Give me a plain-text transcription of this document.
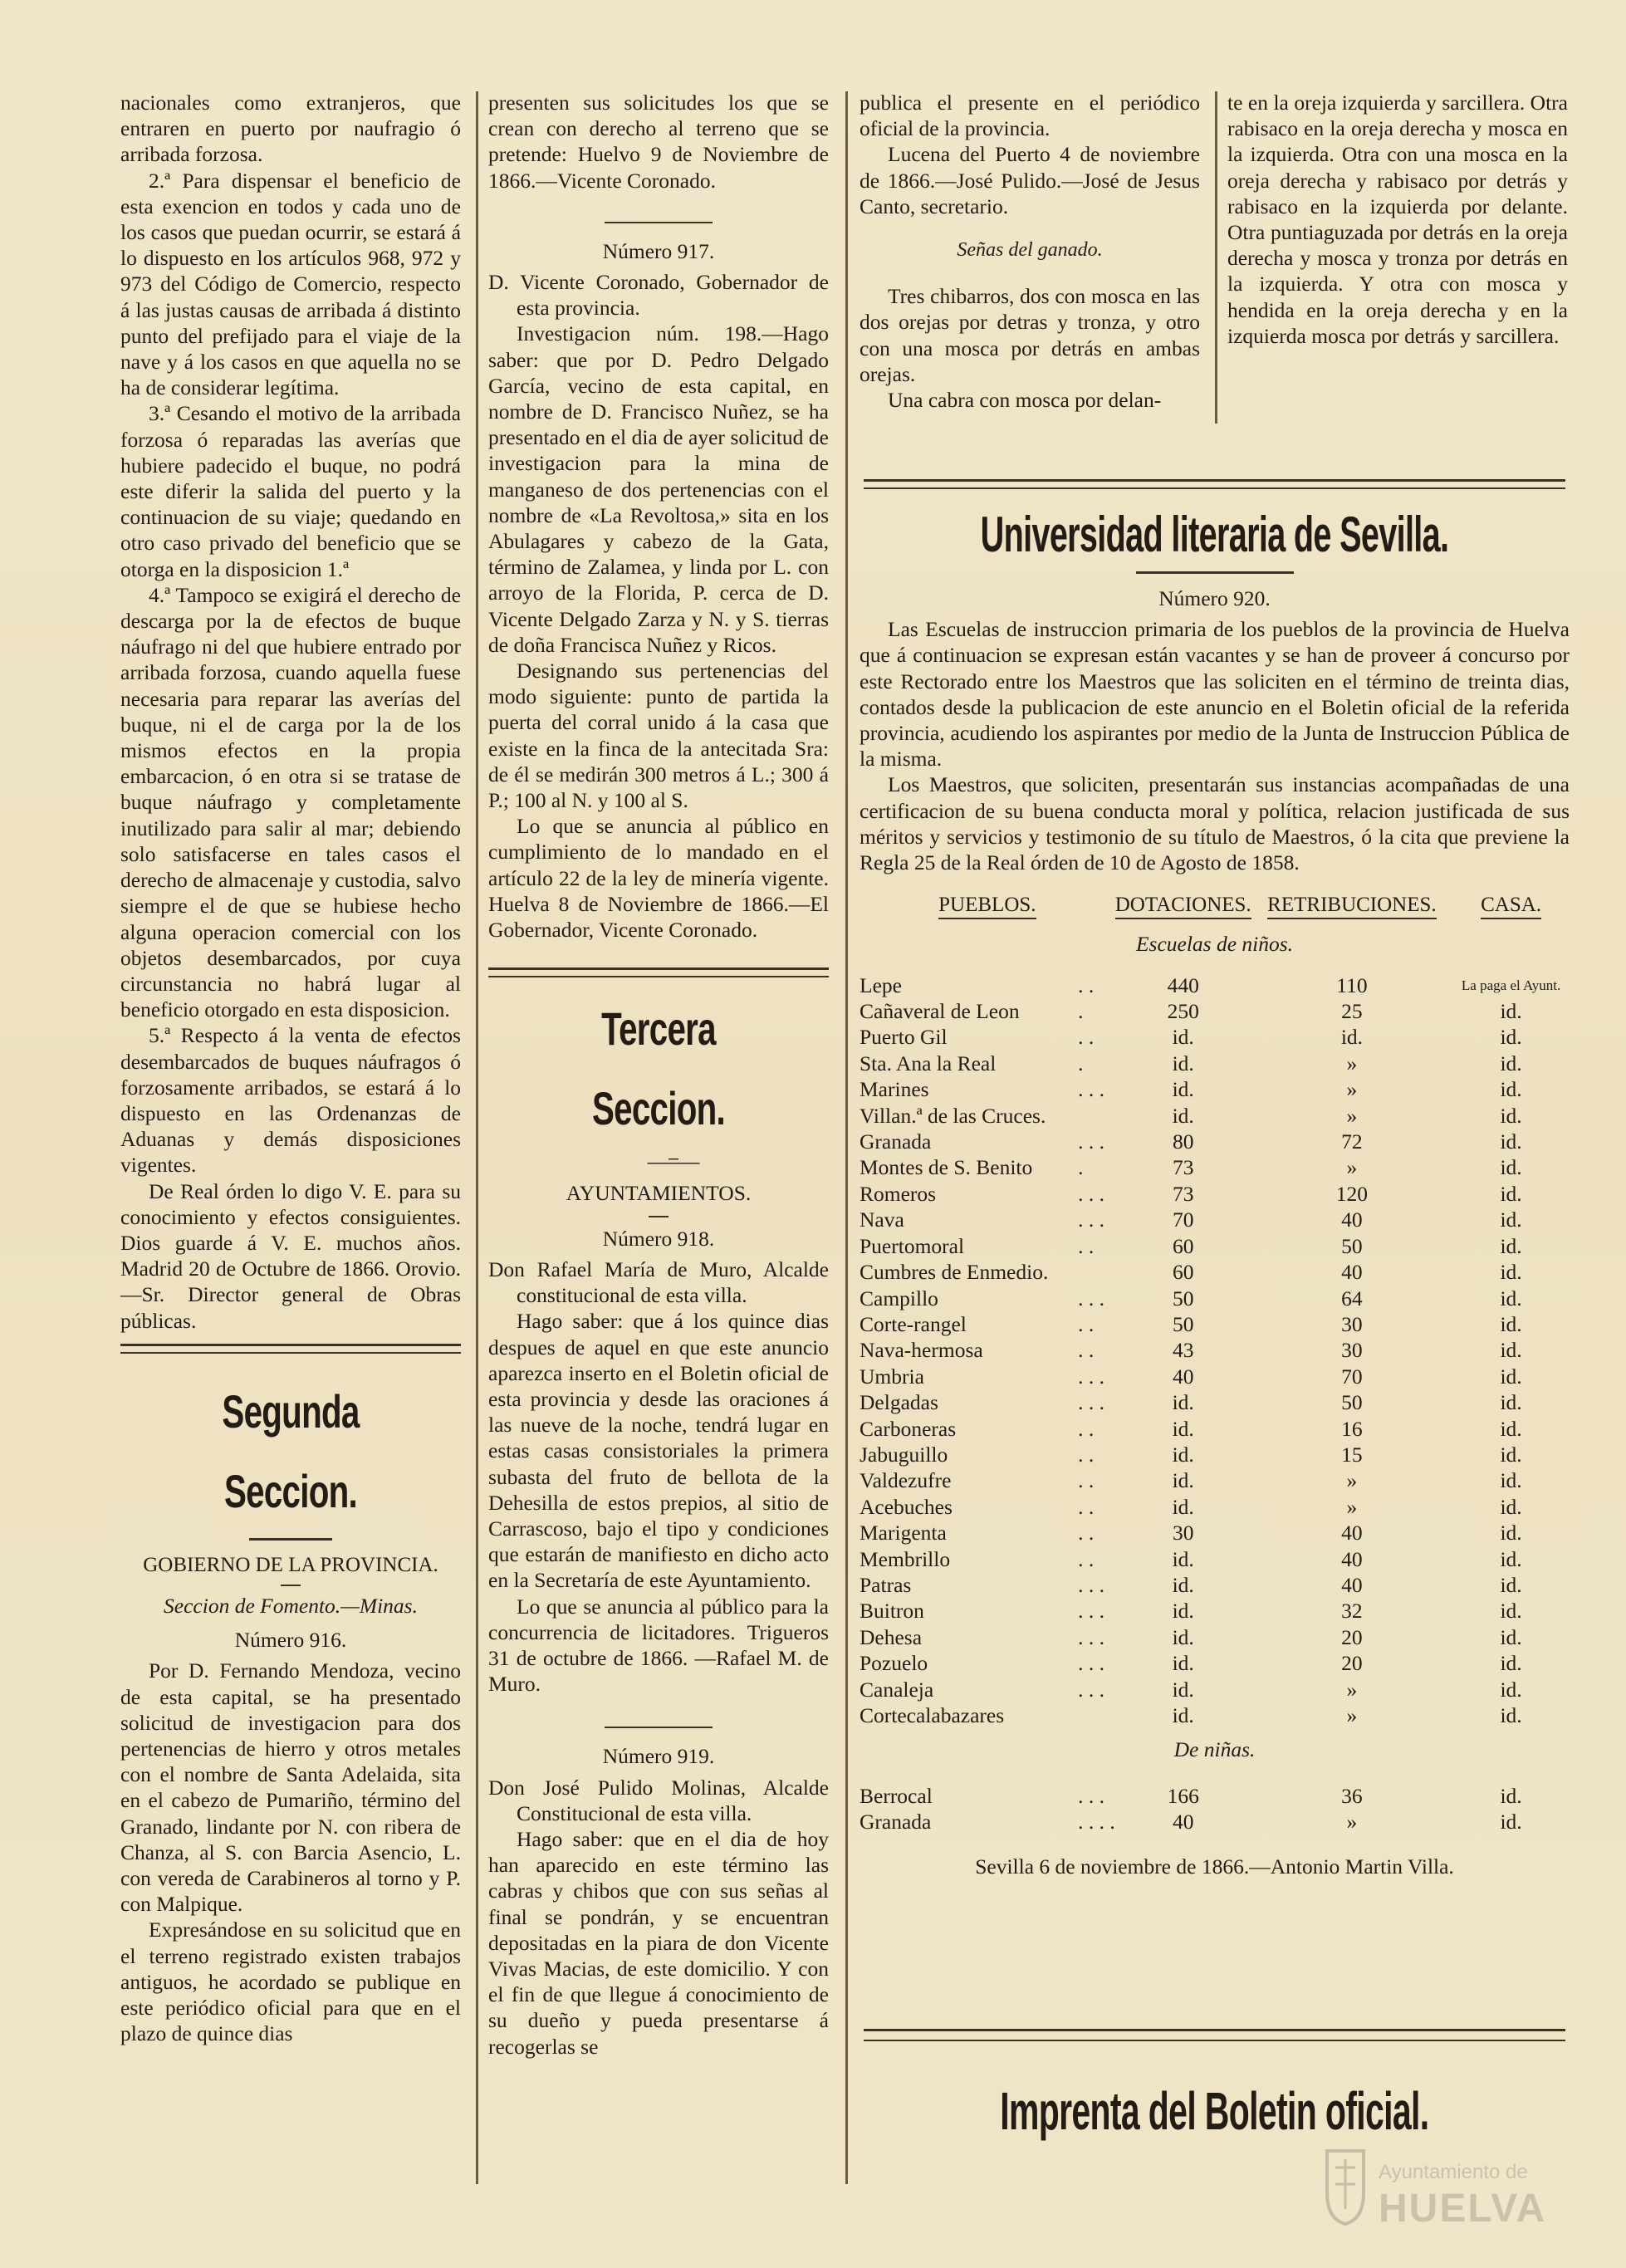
nacionales como extranjeros, que entraren en puerto por naufragio ó arribada forzosa.

2.ª Para dispensar el beneficio de esta exencion en todos y cada uno de los casos que puedan ocurrir, se estará á lo dispuesto en los artículos 968, 972 y 973 del Código de Comercio, respecto á las justas causas de arribada á distinto punto del prefijado para el viaje de la nave y á los casos en que aquella no se ha de considerar legítima.

3.ª Cesando el motivo de la arribada forzosa ó reparadas las averías que hubiere padecido el buque, no podrá este diferir la salida del puerto y la continuacion de su viaje; quedando en otro caso privado del beneficio que se otorga en la disposicion 1.ª

4.ª Tampoco se exigirá el derecho de descarga por la de efectos de buque náufrago ni del que hubiere entrado por arribada forzosa, cuando aquella fuese necesaria para reparar las averías del buque, ni el de carga por la de los mismos efectos en la propia embarcacion, ó en otra si se tratase de buque náufrago y completamente inutilizado para salir al mar; debiendo solo satisfacerse en tales casos el derecho de almacenaje y custodia, salvo siempre el de que se hubiese hecho alguna operacion comercial con los objetos desembarcados, por cuya circunstancia no habrá lugar al beneficio otorgado en esta disposicion.

5.ª Respecto á la venta de efectos desembarcados de buques náufragos ó forzosamente arribados, se estará á lo dispuesto en las Ordenanzas de Aduanas y demás disposiciones vigentes.

De Real órden lo digo V. E. para su conocimiento y efectos consiguientes. Dios guarde á V. E. muchos años. Madrid 20 de Octubre de 1866. Orovio.—Sr. Director general de Obras públicas.

Segunda Seccion.

GOBIERNO DE LA PROVINCIA.

Seccion de Fomento.—Minas.

Número 916.

Por D. Fernando Mendoza, vecino de esta capital, se ha presentado solicitud de investigacion para dos pertenencias de hierro y otros metales con el nombre de Santa Adelaida, sita en el cabezo de Pumariño, término del Granado, lindante por N. con ribera de Chanza, al S. con Barcia Asencio, L. con vereda de Carabineros al torno y P. con Malpique.

Expresándose en su solicitud que en el terreno registrado existen trabajos antiguos, he acordado se publique en este periódico oficial para que en el plazo de quince dias

presenten sus solicitudes los que se crean con derecho al terreno que se pretende: Huelvo 9 de Noviembre de 1866.—Vicente Coronado.

Número 917.

D. Vicente Coronado, Gobernador de esta provincia.

Investigacion núm. 198.—Hago saber: que por D. Pedro Delgado García, vecino de esta capital, en nombre de D. Francisco Nuñez, se ha presentado en el dia de ayer solicitud de investigacion para la mina de manganeso de dos pertenencias con el nombre de «La Revoltosa,» sita en los Abulagares y cabezo de la Gata, término de Zalamea, y linda por L. con arroyo de la Florida, P. cerca de D. Vicente Delgado Zarza y N. y S. tierras de doña Francisca Nuñez y Ricos.

Designando sus pertenencias del modo siguiente: punto de partida la puerta del corral unido á la casa que existe en la finca de la antecitada Sra: de él se medirán 300 metros á L.; 300 á P.; 100 al N. y 100 al S.

Lo que se anuncia al público en cumplimiento de lo mandado en el artículo 22 de la ley de minería vigente. Huelva 8 de Noviembre de 1866.—El Gobernador, Vicente Coronado.

Tercera Seccion.

—=—

AYUNTAMIENTOS.

Número 918.

Don Rafael María de Muro, Alcalde constitucional de esta villa.

Hago saber: que á los quince dias despues de aquel en que este anuncio aparezca inserto en el Boletin oficial de esta provincia y desde las oraciones á las nueve de la noche, tendrá lugar en estas casas consistoriales la primera subasta del fruto de bellota de la Dehesilla de estos prepios, al sitio de Carrascoso, bajo el tipo y condiciones que estarán de manifiesto en dicho acto en la Secretaría de este Ayuntamiento.

Lo que se anuncia al público para la concurrencia de licitadores. Trigueros 31 de octubre de 1866. —Rafael M. de Muro.

Número 919.

Don José Pulido Molinas, Alcalde Constitucional de esta villa.

Hago saber: que en el dia de hoy han aparecido en este término las cabras y chibos que con sus señas al final se pondrán, y se encuentran depositadas en la piara de don Vicente Vivas Macias, de este domicilio. Y con el fin de que llegue á conocimiento de su dueño y pueda presentarse á recogerlas se

publica el presente en el periódico oficial de la provincia.

Lucena del Puerto 4 de noviembre de 1866.—José Pulido.—José de Jesus Canto, secretario.

Señas del ganado.

Tres chibarros, dos con mosca en las dos orejas por detras y tronza, y otro con una mosca por detrás en ambas orejas.

Una cabra con mosca por delan-

te en la oreja izquierda y sarcillera. Otra rabisaco en la oreja derecha y mosca en la izquierda. Otra con una mosca en la oreja derecha y rabisaco por detrás y rabisaco en la izquierda por delante. Otra puntiaguzada por detrás en la oreja derecha y mosca y tronza por detrás en la izquierda. Y otra con mosca y hendida en la oreja derecha y en la izquierda mosca por detrás y sarcillera.

Universidad literaria de Sevilla.

Número 920.

Las Escuelas de instruccion primaria de los pueblos de la provincia de Huelva que á continuacion se expresan están vacantes y se han de proveer á concurso por este Rectorado entre los Maestros que las soliciten en el término de treinta dias, contados desde la publicacion de este anuncio en el Boletin oficial de la referida provincia, acudiendo los aspirantes por medio de la Junta de Instruccion Pública de la misma.

Los Maestros, que soliciten, presentarán sus instancias acompañadas de una certificacion de su buena conducta moral y política, relacion justificada de sus méritos y servicios y testimonio de su título de Maestros, ó la cita que previene la Regla 25 de la Real órden de 10 de Agosto de 1858.

PUEBLOS.		DOTACIONES.	RETRIBUCIONES.	CASA.

Escuelas de niños.				

Lepe	. .	440	110	La paga el Ayunt.
Cañaveral de Leon	.	250	25	id.
Puerto Gil	. .	id.	id.	id.
Sta. Ana la Real	.	id.	»	id.
Marines	. . .	id.	»	id.
Villan.ª de las Cruces.		id.	»	id.
Granada	. . .	80	72	id.
Montes de S. Benito	.	73	»	id.
Romeros	. . .	73	120	id.
Nava	. . .	70	40	id.
Puertomoral	. .	60	50	id.
Cumbres de Enmedio.		60	40	id.
Campillo	. . .	50	64	id.
Corte-rangel	. .	50	30	id.
Nava-hermosa	. .	43	30	id.
Umbria	. . .	40	70	id.
Delgadas	. . .	id.	50	id.
Carboneras	. .	id.	16	id.
Jabuguillo	. .	id.	15	id.
Valdezufre	. .	id.	»	id.
Acebuches	. .	id.	»	id.
Marigenta	. .	30	40	id.
Membrillo	. .	id.	40	id.
Patras	. . .	id.	40	id.
Buitron	. . .	id.	32	id.
Dehesa	. . .	id.	20	id.
Pozuelo	. . .	id.	20	id.
Canaleja	. . .	id.	»	id.
Cortecalabazares		id.	»	id.

De niñas.				

Berrocal	. . .	166	36	id.
Granada	. . . .	40	»	id.

Sevilla 6 de noviembre de 1866.—Antonio Martin Villa.

Imprenta del Boletin oficial.
Ayuntamiento de
HUELVA
